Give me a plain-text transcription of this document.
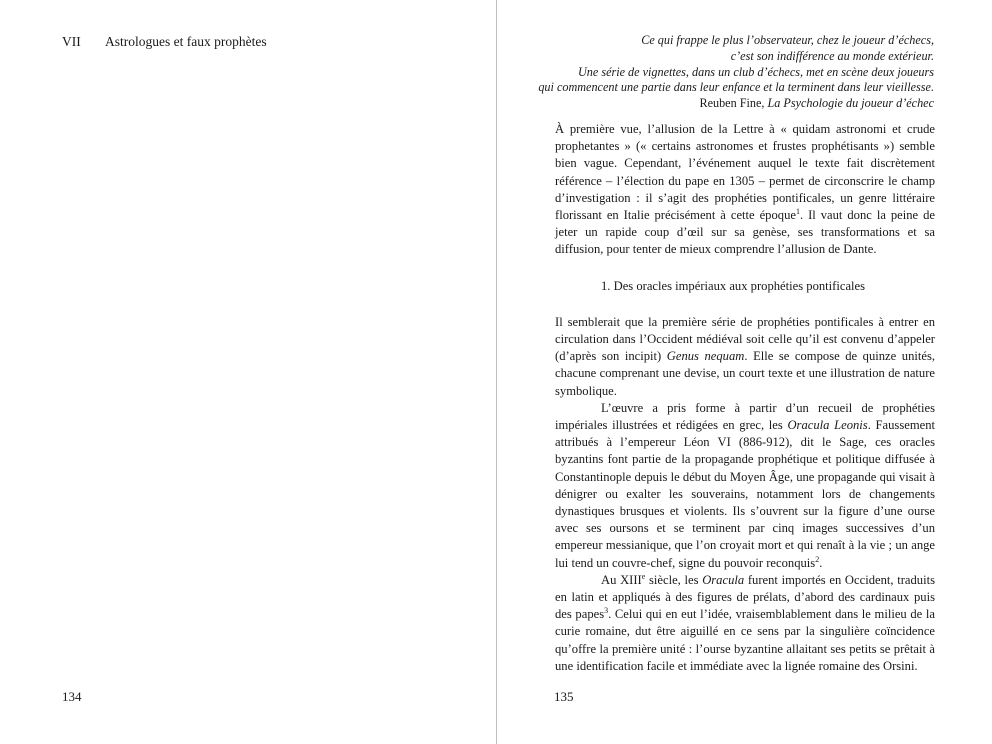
VII Astrologues et faux prophètes
134
Ce qui frappe le plus l’observateur, chez le joueur d’échecs,
c’est son indifférence au monde extérieur.
Une série de vignettes, dans un club d’échecs, met en scène deux joueurs
qui commencent une partie dans leur enfance et la terminent dans leur vieillesse.
Reuben Fine, La Psychologie du joueur d’échec

À première vue, l’allusion de la Lettre à « quidam astronomi et crude prophetantes » (« certains astronomes et frustes prophétisants ») semble bien vague. Cependant, l’événement auquel le texte fait discrètement référence – l’élection du pape en 1305 – permet de circonscrire le champ d’investigation : il s’agit des prophéties pontificales, un genre littéraire florissant en Italie précisément à cette époque$^1$. Il vaut donc la peine de jeter un rapide coup d’œil sur sa genèse, ses transformations et sa diffusion, pour tenter de mieux comprendre l’allusion de Dante.

1. Des oracles impériaux aux prophéties pontificales

Il semblerait que la première série de prophéties pontificales à entrer en circulation dans l’Occident médiéval soit celle qu’il est convenu d’appeler (d’après son incipit) Genus nequam. Elle se compose de quinze unités, chacune comprenant une devise, un court texte et une illustration de nature symbolique.

L’œuvre a pris forme à partir d’un recueil de prophéties impériales illustrées et rédigées en grec, les Oracula Leonis. Faussement attribués à l’empereur Léon VI (886-912), dit le Sage, ces oracles byzantins font partie de la propagande prophétique et politique diffusée à Constantinople depuis le début du Moyen Âge, une propagande qui visait à dénigrer ou exalter les souverains, notamment lors de changements dynastiques brusques et violents. Ils s’ouvrent sur la figure d’une ourse avec ses oursons et se terminent par cinq images successives d’un empereur messianique, que l’on croyait mort et qui renaît à la vie ; un ange lui tend un couvre-chef, signe du pouvoir reconquis$^2$.

Au XIIIe siècle, les Oracula furent importés en Occident, traduits en latin et appliqués à des figures de prélats, d’abord des cardinaux puis des papes$^3$. Celui qui en eut l’idée, vraisemblablement dans le milieu de la curie romaine, dut être aiguillé en ce sens par la singulière coïncidence qu’offre la première unité : l’ourse byzantine allaitant ses petits se prêtait à une identification facile et immédiate avec la lignée romaine des Orsini.

135
